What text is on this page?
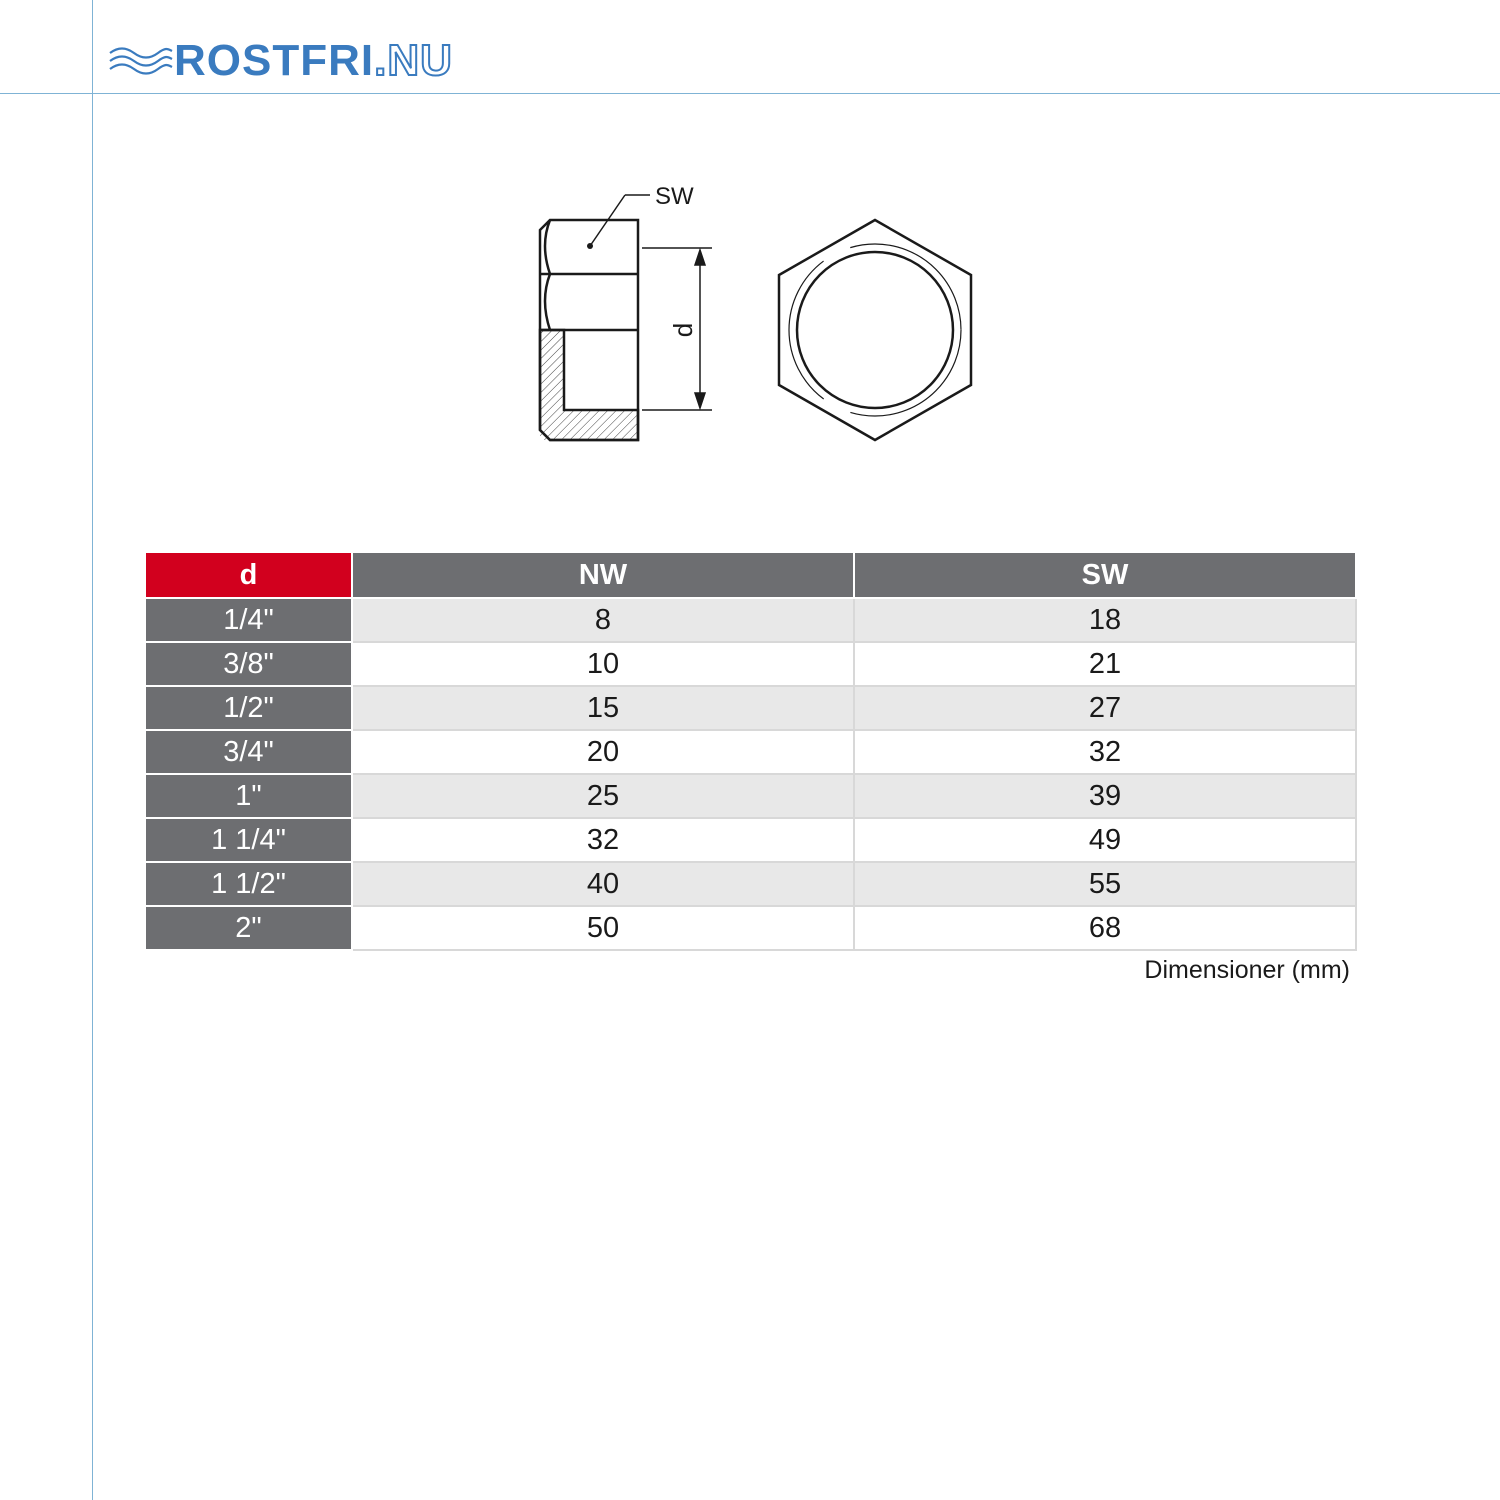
ROSTFRI .NU
SW
d
d	NW	SW
1/4"	8	18
3/8"	10	21
1/2"	15	27
3/4"	20	32
1"	25	39
1 1/4"	32	49
1 1/2"	40	55
2"	50	68
Dimensioner (mm)
